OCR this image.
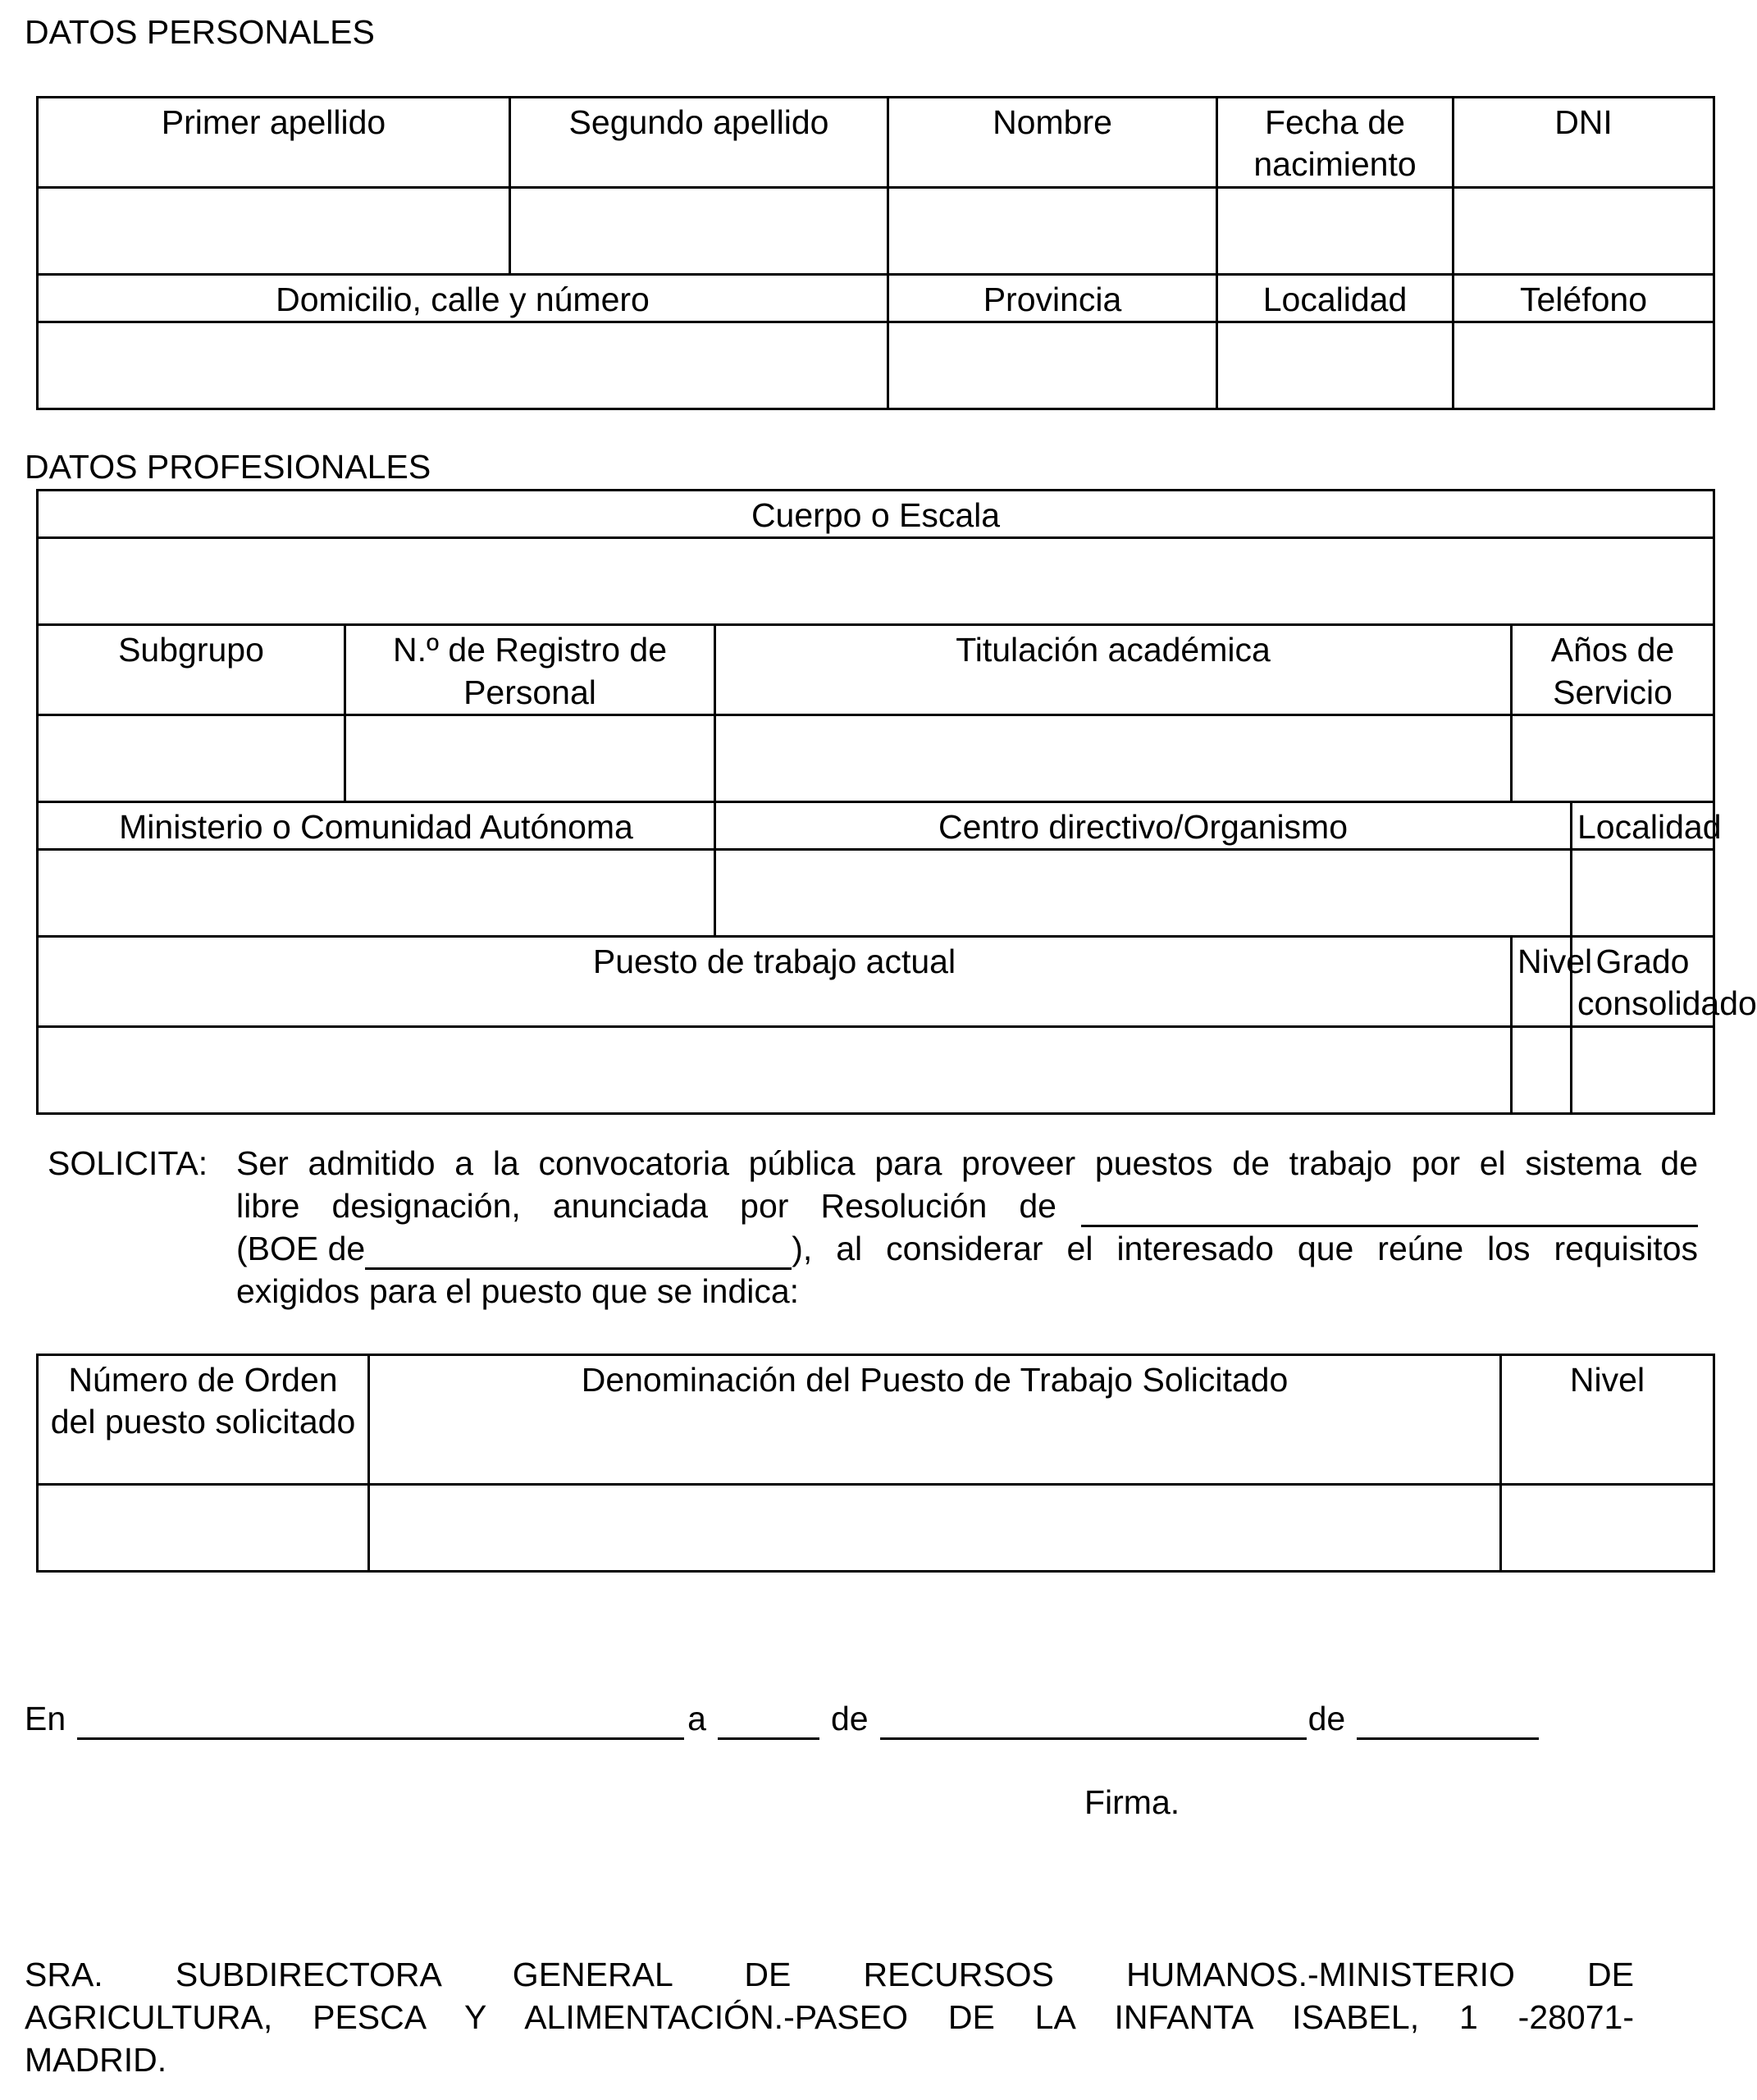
DATOS PERSONALES
Primer apellido	Segundo apellido	Nombre	Fecha de nacimiento	DNI

Domicilio, calle y número		Provincia	Localidad	Teléfono

DATOS PROFESIONALES
Cuerpo o Escala				

Subgrupo	N.º de Registro de Personal	Titulación académica	Años de Servicio	

Ministerio o Comunidad Autónoma		Centro directivo/Organismo		Localidad

Puesto de trabajo actual			Nivel	Grado consolidado

SOLICITA: Ser admitido a la convocatoria pública para proveer puestos de trabajo por el sistema de
libre designación, anunciada por Resolución de
(BOE de	), al considerar el interesado que reúne los requisitos
exigidos para el puesto que se indica:
Número de Orden del puesto solicitado	Denominación del Puesto de Trabajo Solicitado	Nivel

En	a	de	de
Firma.
SRA. SUBDIRECTORA GENERAL DE RECURSOS HUMANOS.-MINISTERIO DE
AGRICULTURA, PESCA Y ALIMENTACIÓN.-PASEO DE LA INFANTA ISABEL, 1 -28071-
MADRID.
